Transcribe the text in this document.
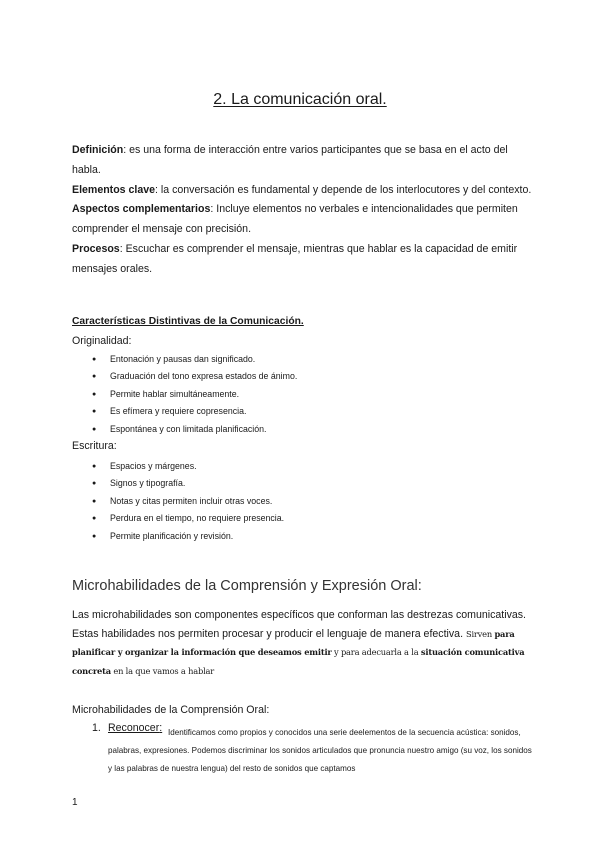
2. La comunicación oral.

Definición: es una forma de interacción entre varios participantes que se basa en el acto del habla.

Elementos clave: la conversación es fundamental y depende de los interlocutores y del contexto.

Aspectos complementarios: Incluye elementos no verbales e intencionalidades que permiten comprender el mensaje con precisión.

Procesos: Escuchar es comprender el mensaje, mientras que hablar es la capacidad de emitir mensajes orales.

Características Distintivas de la Comunicación.
Originalidad:
● Entonación y pausas dan significado.
● Graduación del tono expresa estados de ánimo.
● Permite hablar simultáneamente.
● Es efímera y requiere copresencia.
● Espontánea y con limitada planificación.
Escritura:
● Espacios y márgenes.
● Signos y tipografía.
● Notas y citas permiten incluir otras voces.
● Perdura en el tiempo, no requiere presencia.
● Permite planificación y revisión.
Microhabilidades de la Comprensión y Expresión Oral:

Las microhabilidades son componentes específicos que conforman las destrezas comunicativas. Estas habilidades nos permiten procesar y producir el lenguaje de manera efectiva. Sirven para planificar y organizar la información que deseamos emitir y para adecuarla a la situación comunicativa concreta en la que vamos a hablar

Microhabilidades de la Comprensión Oral:
1. Reconocer: Identificamos como propios y conocidos una serie deelementos de la secuencia acústica: sonidos, palabras, expresiones. Podemos discriminar los sonidos articulados que pronuncia nuestro amigo (su voz, los sonidos y las palabras de nuestra lengua) del resto de sonidos que captamos
1
